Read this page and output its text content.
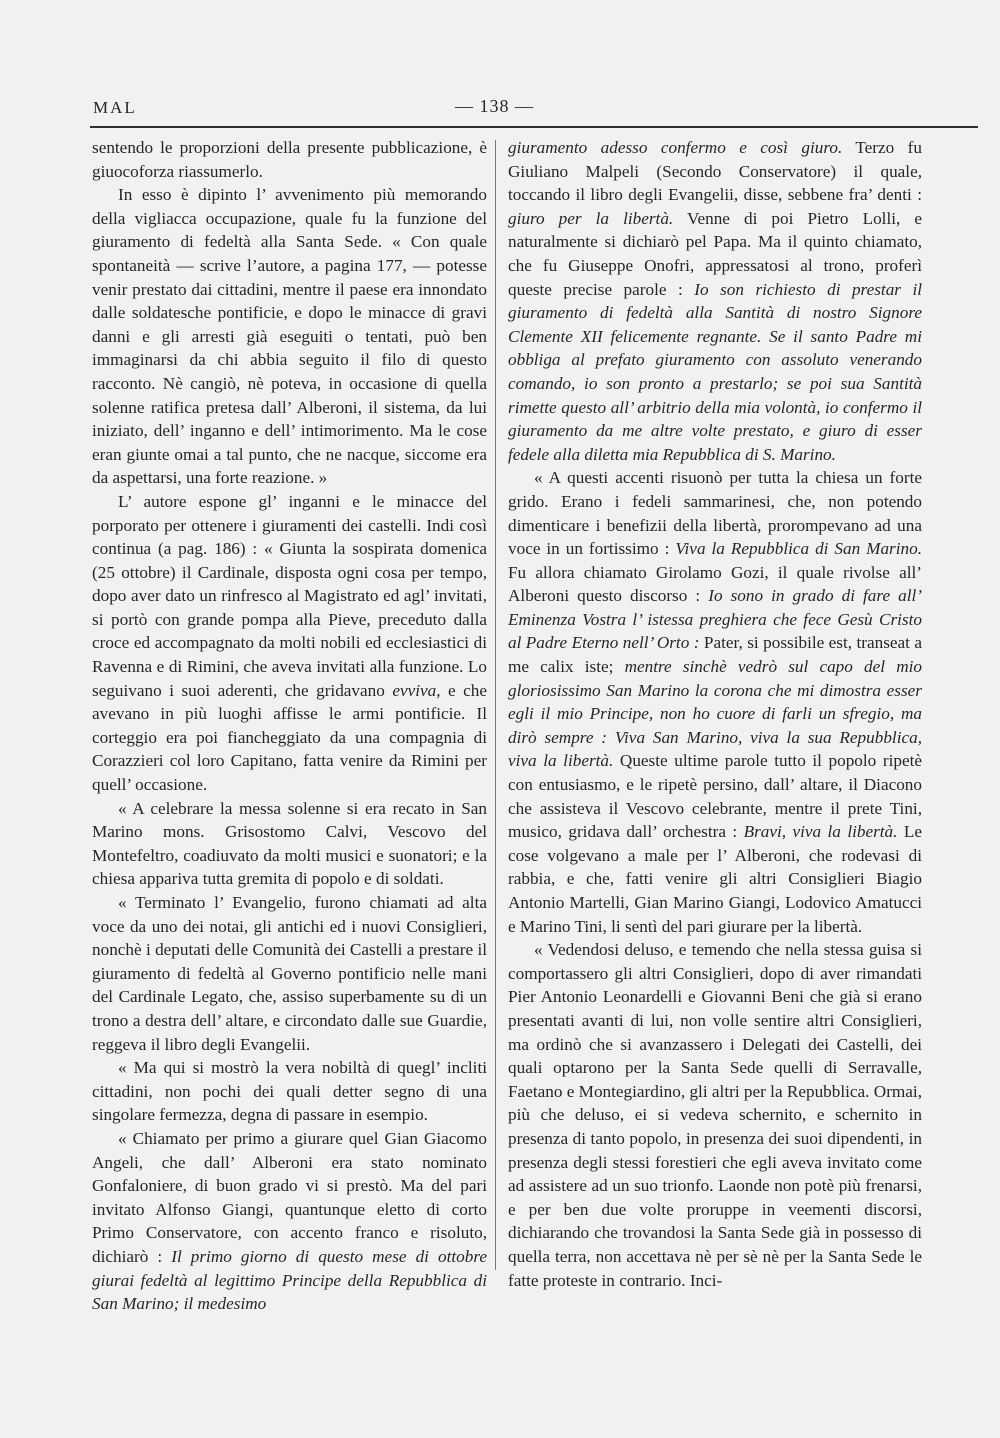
MAL	— 138 —

sentendo le proporzioni della presente pubblicazione, è giuocoforza riassumerlo.

In esso è dipinto l’ avvenimento più memorando della vigliacca occupazione, quale fu la funzione del giuramento di fedeltà alla Santa Sede. « Con quale spontaneità — scrive l’autore, a pagina 177, — potesse venir prestato dai cittadini, mentre il paese era innondato dalle soldatesche pontificie, e dopo le minacce di gravi danni e gli arresti già eseguiti o tentati, può ben immaginarsi da chi abbia seguito il filo di questo racconto. Nè cangiò, nè poteva, in occasione di quella solenne ratifica pretesa dall’ Alberoni, il sistema, da lui iniziato, dell’ inganno e dell’ intimorimento. Ma le cose eran giunte omai a tal punto, che ne nacque, siccome era da aspettarsi, una forte reazione. »

L’ autore espone gl’ inganni e le minacce del porporato per ottenere i giuramenti dei castelli. Indi così continua (a pag. 186) : « Giunta la sospirata domenica (25 ottobre) il Cardinale, disposta ogni cosa per tempo, dopo aver dato un rinfresco al Magistrato ed agl’ invitati, si portò con grande pompa alla Pieve, preceduto dalla croce ed accompagnato da molti nobili ed ecclesiastici di Ravenna e di Rimini, che aveva invitati alla funzione. Lo seguivano i suoi aderenti, che gridavano evviva, e che avevano in più luoghi affisse le armi pontificie. Il corteggio era poi fiancheggiato da una compagnia di Corazzieri col loro Capitano, fatta venire da Rimini per quell’ occasione.

« A celebrare la messa solenne si era recato in San Marino mons. Grisostomo Calvi, Vescovo del Montefeltro, coadiuvato da molti musici e suonatori; e la chiesa appariva tutta gremita di popolo e di soldati.

« Terminato l’ Evangelio, furono chiamati ad alta voce da uno dei notai, gli antichi ed i nuovi Consiglieri, nonchè i deputati delle Comunità dei Castelli a prestare il giuramento di fedeltà al Governo pontificio nelle mani del Cardinale Legato, che, assiso superbamente su di un trono a destra dell’ altare, e circondato dalle sue Guardie, reggeva il libro degli Evangelii.

« Ma qui si mostrò la vera nobiltà di quegl’ incliti cittadini, non pochi dei quali detter segno di una singolare fermezza, degna di passare in esempio.

« Chiamato per primo a giurare quel Gian Giacomo Angeli, che dall’ Alberoni era stato nominato Gonfaloniere, di buon grado vi si prestò. Ma del pari invitato Alfonso Giangi, quantunque eletto di corto Primo Conservatore, con accento franco e risoluto, dichiarò : Il primo giorno di questo mese di ottobre giurai fedeltà al legittimo Principe della Repubblica di San Marino; il medesimo

giuramento adesso confermo e così giuro. Terzo fu Giuliano Malpeli (Secondo Conservatore) il quale, toccando il libro degli Evangelii, disse, sebbene fra’ denti : giuro per la libertà. Venne di poi Pietro Lolli, e naturalmente si dichiarò pel Papa. Ma il quinto chiamato, che fu Giuseppe Onofri, appressatosi al trono, proferì queste precise parole : Io son richiesto di prestar il giuramento di fedeltà alla Santità di nostro Signore Clemente XII felicemente regnante. Se il santo Padre mi obbliga al prefato giuramento con assoluto venerando comando, io son pronto a prestarlo; se poi sua Santità rimette questo all’ arbitrio della mia volontà, io confermo il giuramento da me altre volte prestato, e giuro di esser fedele alla diletta mia Repubblica di S. Marino.

« A questi accenti risuonò per tutta la chiesa un forte grido. Erano i fedeli sammarinesi, che, non potendo dimenticare i benefizii della libertà, prorompevano ad una voce in un fortissimo : Viva la Repubblica di San Marino. Fu allora chiamato Girolamo Gozi, il quale rivolse all’ Alberoni questo discorso : Io sono in grado di fare all’ Eminenza Vostra l’ istessa preghiera che fece Gesù Cristo al Padre Eterno nell’ Orto : Pater, si possibile est, transeat a me calix iste; mentre sinchè vedrò sul capo del mio gloriosissimo San Marino la corona che mi dimostra esser egli il mio Principe, non ho cuore di farli un sfregio, ma dirò sempre : Viva San Marino, viva la sua Repubblica, viva la libertà. Queste ultime parole tutto il popolo ripetè con entusiasmo, e le ripetè persino, dall’ altare, il Diacono che assisteva il Vescovo celebrante, mentre il prete Tini, musico, gridava dall’ orchestra : Bravi, viva la libertà. Le cose volgevano a male per l’ Alberoni, che rodevasi di rabbia, e che, fatti venire gli altri Consiglieri Biagio Antonio Martelli, Gian Marino Giangi, Lodovico Amatucci e Marino Tini, li sentì del pari giurare per la libertà.

« Vedendosi deluso, e temendo che nella stessa guisa si comportassero gli altri Consiglieri, dopo di aver rimandati Pier Antonio Leonardelli e Giovanni Beni che già si erano presentati avanti di lui, non volle sentire altri Consiglieri, ma ordinò che si avanzassero i Delegati dei Castelli, dei quali optarono per la Santa Sede quelli di Serravalle, Faetano e Montegiardino, gli altri per la Repubblica. Ormai, più che deluso, ei si vedeva schernito, e schernito in presenza di tanto popolo, in presenza dei suoi dipendenti, in presenza degli stessi forestieri che egli aveva invitato come ad assistere ad un suo trionfo. Laonde non potè più frenarsi, e per ben due volte proruppe in veementi discorsi, dichiarando che trovandosi la Santa Sede già in possesso di quella terra, non accettava nè per sè nè per la Santa Sede le fatte proteste in contrario. Inci-
